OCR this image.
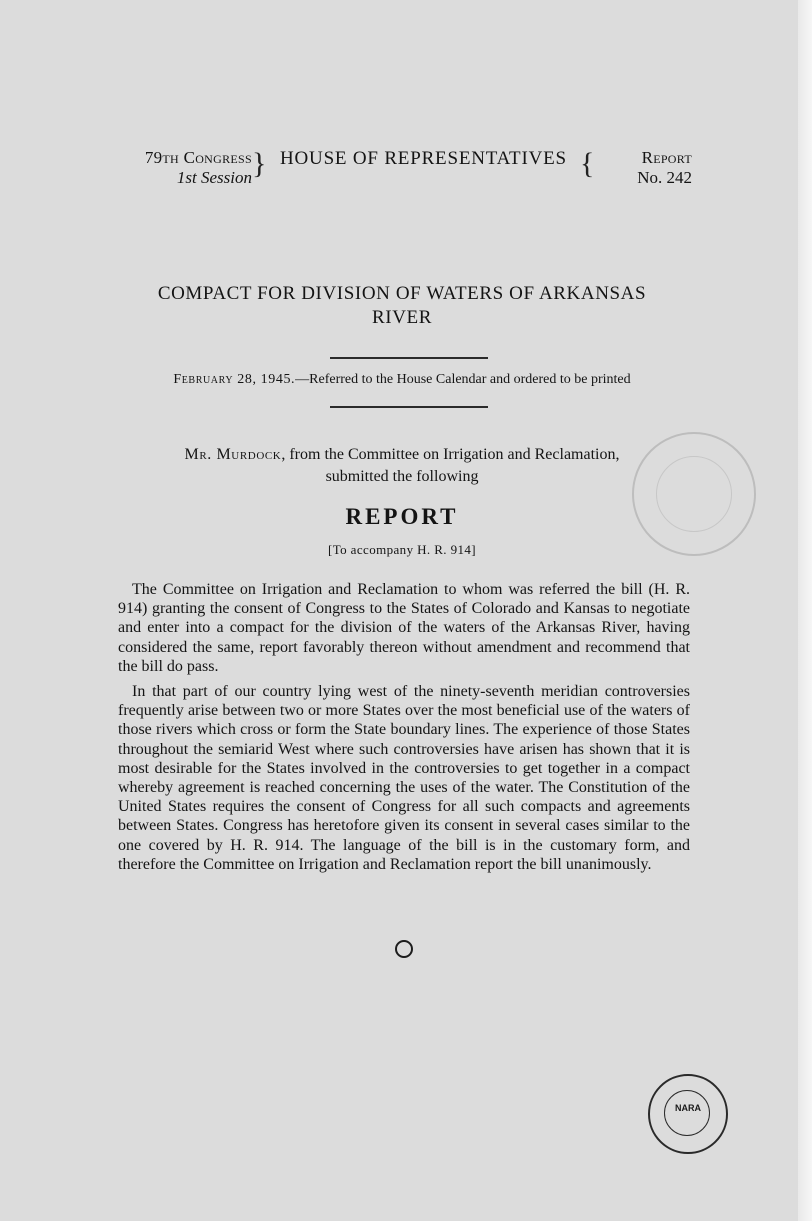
79th Congress
1st Session } HOUSE OF REPRESENTATIVES {	Report
No. 242
COMPACT FOR DIVISION OF WATERS OF ARKANSAS
RIVER
February 28, 1945.—Referred to the House Calendar and ordered to be printed
Mr. Murdock, from the Committee on Irrigation and Reclamation,
submitted the following
REPORT
[To accompany H. R. 914]

The Committee on Irrigation and Reclamation to whom was referred the bill (H. R. 914) granting the consent of Congress to the States of Colorado and Kansas to negotiate and enter into a compact for the division of the waters of the Arkansas River, having considered the same, report favorably thereon without amendment and recommend that the bill do pass.

In that part of our country lying west of the ninety-seventh meridian controversies frequently arise between two or more States over the most beneficial use of the waters of those rivers which cross or form the State boundary lines. The experience of those States throughout the semiarid West where such controversies have arisen has shown that it is most desirable for the States involved in the controversies to get together in a compact whereby agreement is reached concerning the uses of the water. The Constitution of the United States requires the consent of Congress for all such compacts and agreements between States. Congress has heretofore given its consent in several cases similar to the one covered by H. R. 914. The language of the bill is in the customary form, and therefore the Committee on Irrigation and Reclamation report the bill unanimously.

NARA
